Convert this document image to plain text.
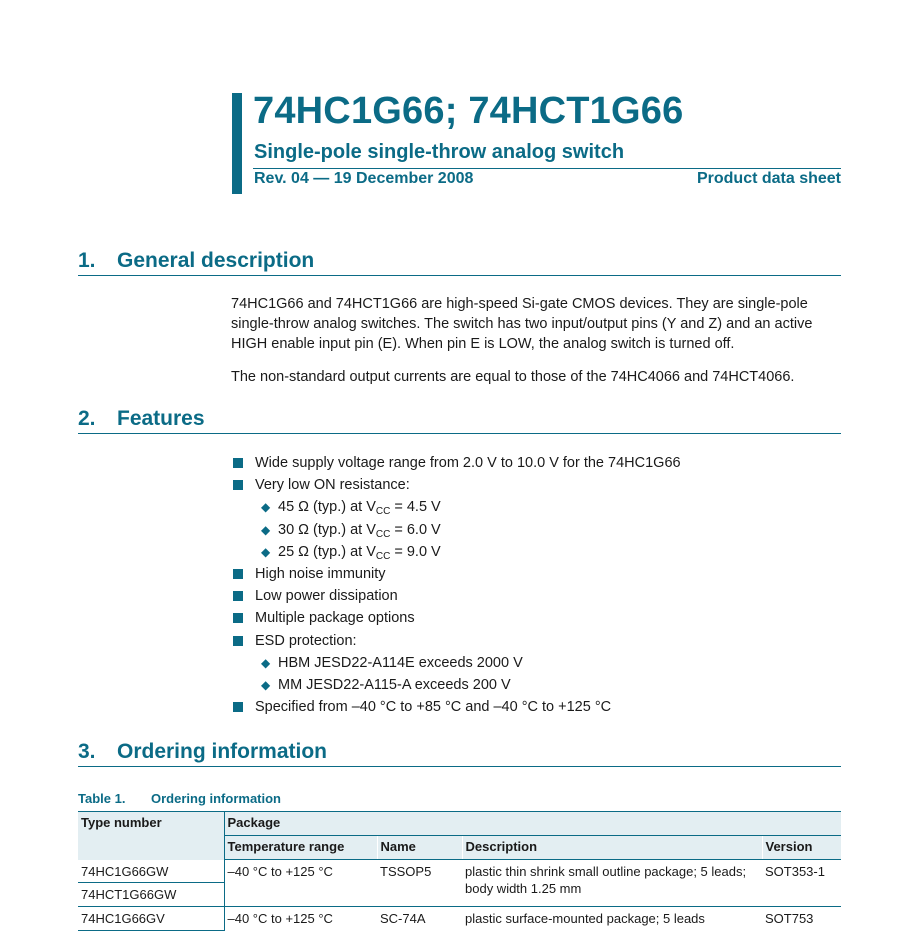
74HC1G66; 74HCT1G66
Single-pole single-throw analog switch
Rev. 04 — 19 December 2008	Product data sheet
1. General description

74HC1G66 and 74HCT1G66 are high-speed Si-gate CMOS devices. They are single-pole single-throw analog switches. The switch has two input/output pins (Y and Z) and an active HIGH enable input pin (E). When pin E is LOW, the analog switch is turned off.

The non-standard output currents are equal to those of the 74HC4066 and 74HCT4066.

2. Features
Wide supply voltage range from 2.0 V to 10.0 V for the 74HC1G66
Very low ON resistance:
◆ 45 Ω (typ.) at $V_{CC} = 4.5$ V
◆ 30 Ω (typ.) at $V_{CC} = 6.0$ V
◆ 25 Ω (typ.) at $V_{CC} = 9.0$ V
High noise immunity
Low power dissipation
Multiple package options
ESD protection:
◆ HBM JESD22-A114E exceeds 2000 V
◆ MM JESD22-A115-A exceeds 200 V
Specified from –40 °C to +85 °C and –40 °C to +125 °C
3. Ordering information
Table 1. Ordering information
Type number	Package			
	Temperature range	Name	Description	Version
74HC1G66GW	–40 °C to +125 °C	TSSOP5	plastic thin shrink small outline package; 5 leads; body width 1.25 mm	SOT353-1
74HCT1G66GW				
74HC1G66GV	–40 °C to +125 °C	SC-74A	plastic surface-mounted package; 5 leads	SOT753
